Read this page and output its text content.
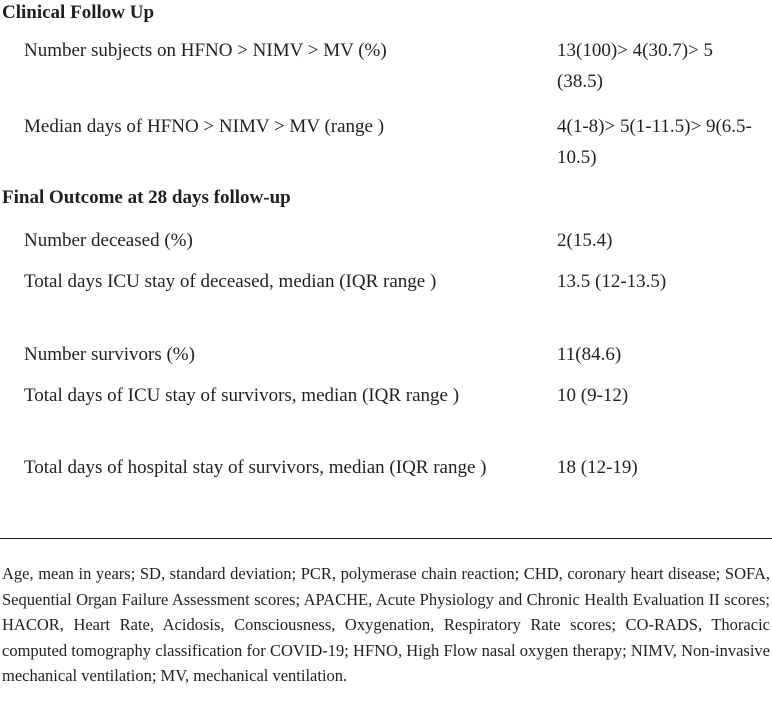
Clinical Follow Up
Number subjects on HFNO > NIMV > MV (%)	13(100)> 4(30.7)> 5 (38.5)
Median days of HFNO > NIMV > MV (range )	4(1-8)> 5(1-11.5)> 9(6.5-10.5)
Final Outcome at 28 days follow-up
Number deceased (%)	2(15.4)
Total days ICU stay of deceased, median (IQR range )	13.5 (12-13.5)
Number survivors (%)	11(84.6)
Total days of ICU stay of survivors, median (IQR range )	10 (9-12)
Total days of hospital stay of survivors, median (IQR range )	18 (12-19)
Age, mean in years; SD, standard deviation; PCR, polymerase chain reaction; CHD, coronary heart disease; SOFA, Sequential Organ Failure Assessment scores; APACHE, Acute Physiology and Chronic Health Evaluation II scores; HACOR, Heart Rate, Acidosis, Consciousness, Oxygenation, Respiratory Rate scores; CO-RADS, Thoracic computed tomography classification for COVID-19; HFNO, High Flow nasal oxygen therapy; NIMV, Non-invasive mechanical ventilation; MV, mechanical ventilation.
